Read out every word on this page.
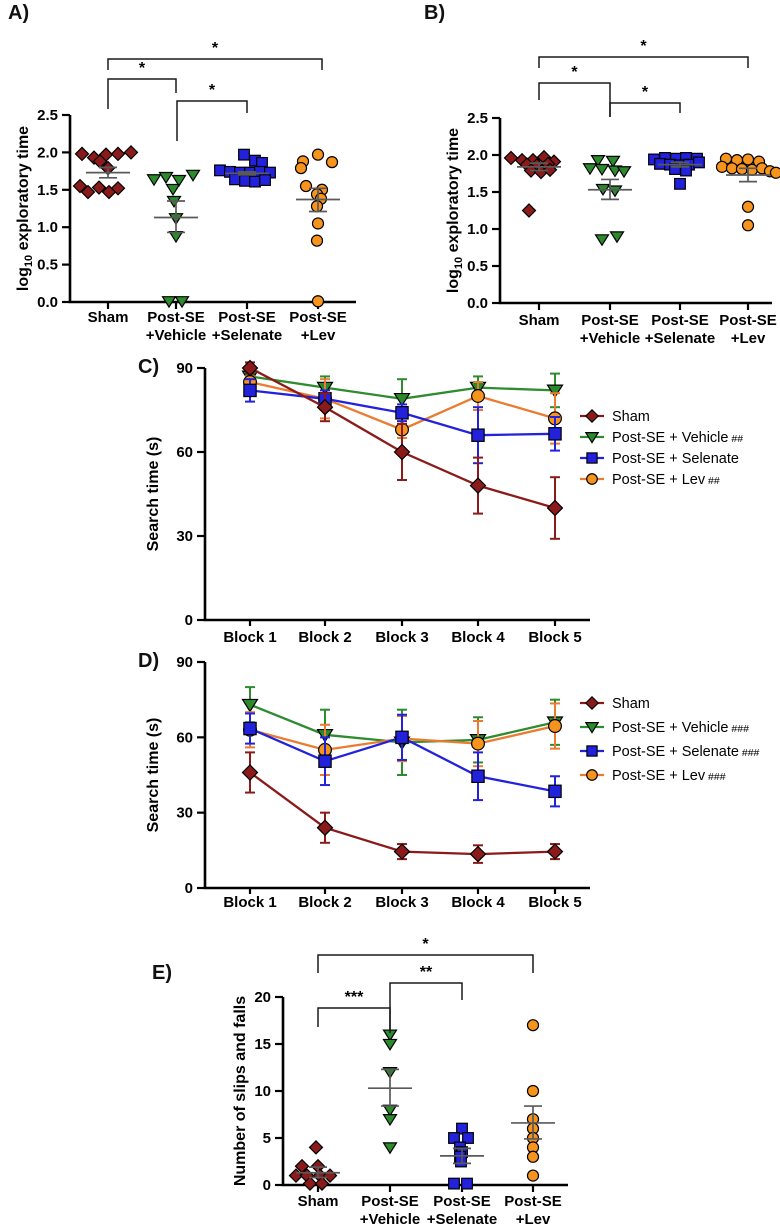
A)	B)
C)
D)
E)
0.0
0.5
1.0
1.5
2.0
2.5
Sham Post-SE
+Vehicle
Post-SE
+Selenate
Post-SE
+Lev
*
*
*
$\log_{10}$ exploratory time
0.0
0.5
1.0
1.5
2.0
2.5
Sham Post-SE
+Vehicle
Post-SE
+Selenate
Post-SE
+Lev
*
*
*
$\log_{10}$ exploratory time
0
30
60
90
Block 1 Block 2 Block 3 Block 4 Block 5
Sham
Post-SE + Vehicle ##
Post-SE + Selenate
Post-SE + Lev ##
Search time (s)
0
30
60
90
Block 1 Block 2 Block 3 Block 4 Block 5
Sham
Post-SE + Vehicle ###
Post-SE + Selenate ###
Post-SE + Lev ###
Search time (s)
0
5
10
15
20
Sham Post-SE
+Vehicle
Post-SE
+Selenate
Post-SE
+Lev
***
**
*
Number of slips and falls
